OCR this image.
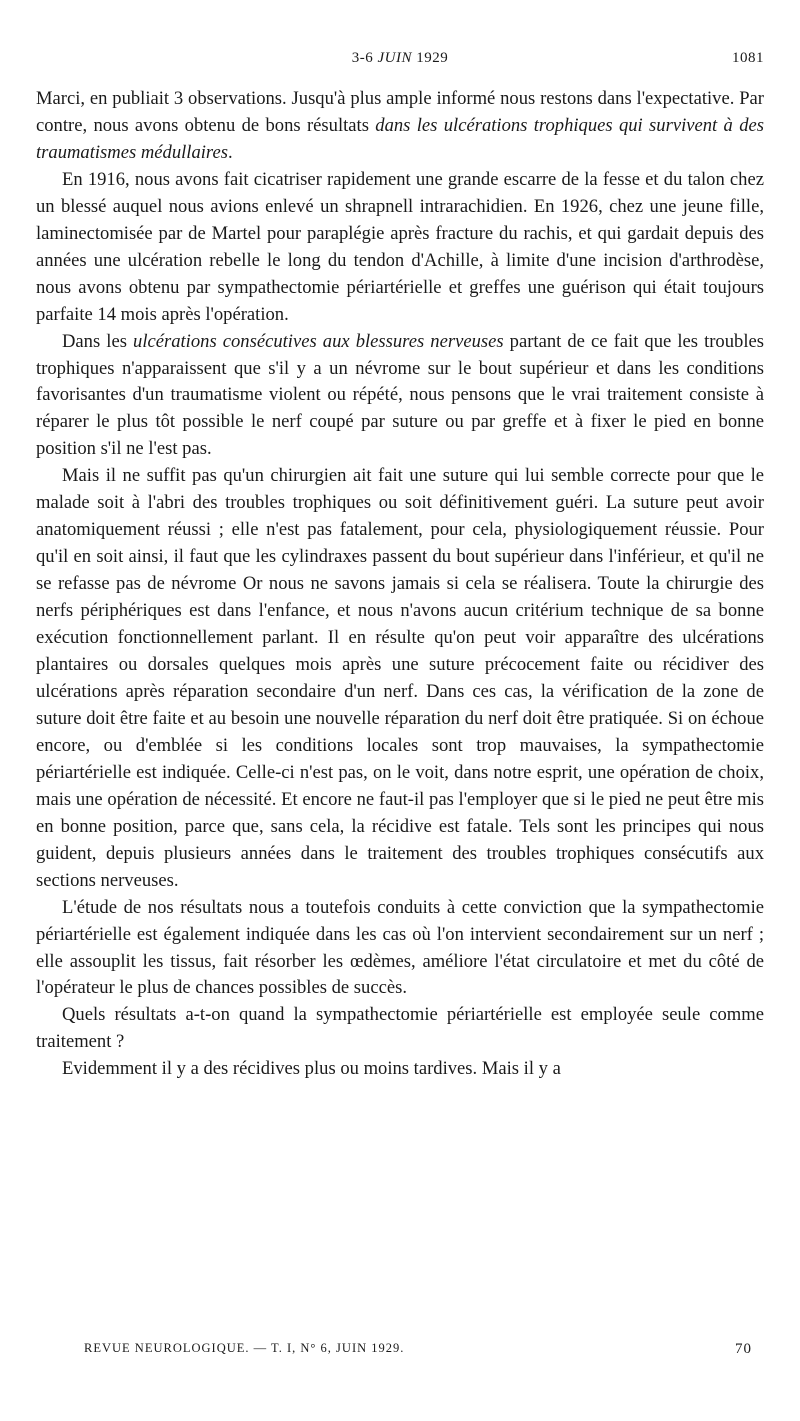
3-6 JUIN 1929	1081

Marci, en publiait 3 observations. Jusqu'à plus ample informé nous restons dans l'expectative. Par contre, nous avons obtenu de bons résultats dans les ulcérations trophiques qui survivent à des traumatismes médullaires.

En 1916, nous avons fait cicatriser rapidement une grande escarre de la fesse et du talon chez un blessé auquel nous avions enlevé un shrapnell intrarachidien. En 1926, chez une jeune fille, laminectomisée par de Martel pour paraplégie après fracture du rachis, et qui gardait depuis des années une ulcération rebelle le long du tendon d'Achille, à limite d'une incision d'arthrodèse, nous avons obtenu par sympathectomie périartérielle et greffes une guérison qui était toujours parfaite 14 mois après l'opération.

Dans les ulcérations consécutives aux blessures nerveuses partant de ce fait que les troubles trophiques n'apparaissent que s'il y a un névrome sur le bout supérieur et dans les conditions favorisantes d'un traumatisme violent ou répété, nous pensons que le vrai traitement consiste à réparer le plus tôt possible le nerf coupé par suture ou par greffe et à fixer le pied en bonne position s'il ne l'est pas.

Mais il ne suffit pas qu'un chirurgien ait fait une suture qui lui semble correcte pour que le malade soit à l'abri des troubles trophiques ou soit définitivement guéri. La suture peut avoir anatomiquement réussi ; elle n'est pas fatalement, pour cela, physiologiquement réussie. Pour qu'il en soit ainsi, il faut que les cylindraxes passent du bout supérieur dans l'inférieur, et qu'il ne se refasse pas de névrome Or nous ne savons jamais si cela se réalisera. Toute la chirurgie des nerfs périphériques est dans l'enfance, et nous n'avons aucun critérium technique de sa bonne exécution fonctionnellement parlant. Il en résulte qu'on peut voir apparaître des ulcérations plantaires ou dorsales quelques mois après une suture précocement faite ou récidiver des ulcérations après réparation secondaire d'un nerf. Dans ces cas, la vérification de la zone de suture doit être faite et au besoin une nouvelle réparation du nerf doit être pratiquée. Si on échoue encore, ou d'emblée si les conditions locales sont trop mauvaises, la sympathectomie périartérielle est indiquée. Celle-ci n'est pas, on le voit, dans notre esprit, une opération de choix, mais une opération de nécessité. Et encore ne faut-il pas l'employer que si le pied ne peut être mis en bonne position, parce que, sans cela, la récidive est fatale. Tels sont les principes qui nous guident, depuis plusieurs années dans le traitement des troubles trophiques consécutifs aux sections nerveuses.

L'étude de nos résultats nous a toutefois conduits à cette conviction que la sympathectomie périartérielle est également indiquée dans les cas où l'on intervient secondairement sur un nerf ; elle assouplit les tissus, fait résorber les œdèmes, améliore l'état circulatoire et met du côté de l'opérateur le plus de chances possibles de succès.

Quels résultats a-t-on quand la sympathectomie périartérielle est employée seule comme traitement ?

Evidemment il y a des récidives plus ou moins tardives. Mais il y a

REVUE NEUROLOGIQUE. — T. I, N° 6, JUIN 1929.	70
